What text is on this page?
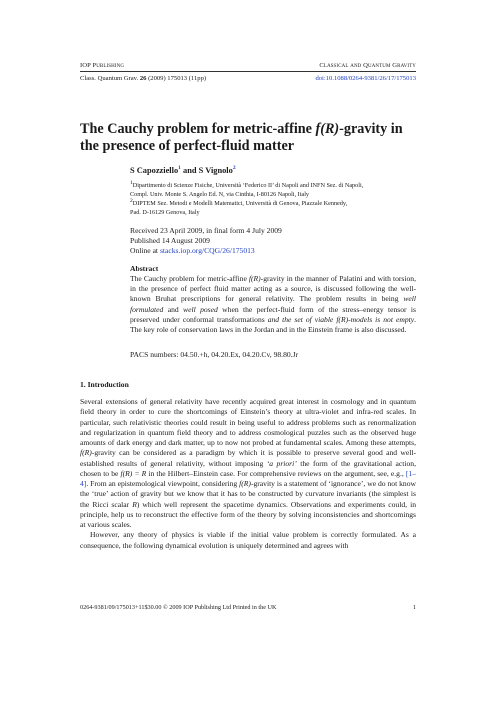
IOP Publishing	Classical and Quantum Gravity
Class. Quantum Grav. 26 (2009) 175013 (11pp)	doi:10.1088/0264-9381/26/17/175013
The Cauchy problem for metric-affine f(R)-gravity in the presence of perfect-fluid matter
S Capozziello$^1$ and S Vignolo$^2$
$^1$Dipartimento di Scienze Fisiche, Università ‘Federico II’ di Napoli and INFN Sez. di Napoli,
Compl. Univ. Monte S. Angelo Ed. N, via Cinthia, I-80126 Napoli, Italy
$^2$DIPTEM Sez. Metodi e Modelli Matematici, Università di Genova, Piazzale Kennedy,
Pad. D-16129 Genova, Italy
Received 23 April 2009, in final form 4 July 2009
Published 14 August 2009
Online at stacks.iop.org/CQG/26/175013
Abstract
The Cauchy problem for metric-affine f(R)-gravity in the manner of Palatini and with torsion, in the presence of perfect fluid matter acting as a source, is discussed following the well-known Bruhat prescriptions for general relativity. The problem results in being well formulated and well posed when the perfect-fluid form of the stress–energy tensor is preserved under conformal transformations and the set of viable f(R)-models is not empty. The key role of conservation laws in the Jordan and in the Einstein frame is also discussed.
PACS numbers: 04.50.+h, 04.20.Ex, 04.20.Cv, 98.80.Jr
1. Introduction

Several extensions of general relativity have recently acquired great interest in cosmology and in quantum field theory in order to cure the shortcomings of Einstein’s theory at ultra-violet and infra-red scales. In particular, such relativistic theories could result in being useful to address problems such as renormalization and regularization in quantum field theory and to address cosmological puzzles such as the observed huge amounts of dark energy and dark matter, up to now not probed at fundamental scales. Among these attempts, f(R)-gravity can be considered as a paradigm by which it is possible to preserve several good and well-established results of general relativity, without imposing ‘a priori’ the form of the gravitational action, chosen to be f(R) = R in the Hilbert–Einstein case. For comprehensive reviews on the argument, see, e.g., [1–4]. From an epistemological viewpoint, considering f(R)-gravity is a statement of ‘ignorance’, we do not know the ‘true’ action of gravity but we know that it has to be constructed by curvature invariants (the simplest is the Ricci scalar R) which well represent the spacetime dynamics. Observations and experiments could, in principle, help us to reconstruct the effective form of the theory by solving inconsistencies and shortcomings at various scales.

However, any theory of physics is viable if the initial value problem is correctly formulated. As a consequence, the following dynamical evolution is uniquely determined and agrees with

0264-9381/09/175013+11$30.00 © 2009 IOP Publishing Ltd Printed in the UK	1
